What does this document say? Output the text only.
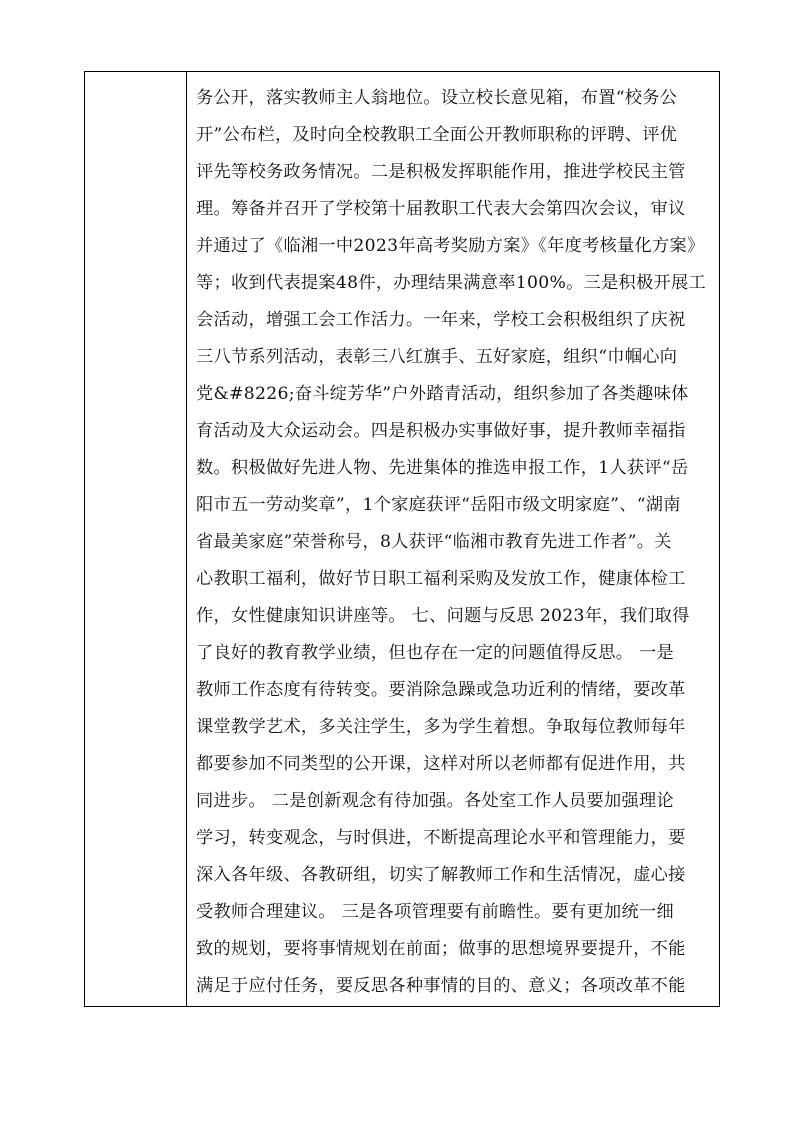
务公开，落实教师主人翁地位。设立校长意见箱，布置“校务公
开”公布栏，及时向全校教职工全面公开教师职称的评聘、评优
评先等校务政务情况。二是积极发挥职能作用，推进学校民主管
理。筹备并召开了学校第十届教职工代表大会第四次会议，审议
并通过了《临湘一中2023年高考奖励方案》《年度考核量化方案》
等；收到代表提案48件，办理结果满意率100%。三是积极开展工
会活动，增强工会工作活力。一年来，学校工会积极组织了庆祝
三八节系列活动，表彰三八红旗手、五好家庭，组织“巾帼心向
党&#8226;奋斗绽芳华”户外踏青活动，组织参加了各类趣味体
育活动及大众运动会。四是积极办实事做好事，提升教师幸福指
数。积极做好先进人物、先进集体的推选申报工作，1人获评“岳
阳市五一劳动奖章”，1个家庭获评“岳阳市级文明家庭”、“湖南
省最美家庭”荣誉称号，8人获评“临湘市教育先进工作者”。关
心教职工福利，做好节日职工福利采购及发放工作，健康体检工
作，女性健康知识讲座等。 七、问题与反思 2023年，我们取得
了良好的教育教学业绩，但也存在一定的问题值得反思。 一是
教师工作态度有待转变。要消除急躁或急功近利的情绪，要改革
课堂教学艺术，多关注学生，多为学生着想。争取每位教师每年
都要参加不同类型的公开课，这样对所以老师都有促进作用，共
同进步。 二是创新观念有待加强。各处室工作人员要加强理论
学习，转变观念，与时俱进，不断提高理论水平和管理能力，要
深入各年级、各教研组，切实了解教师工作和生活情况，虚心接
受教师合理建议。 三是各项管理要有前瞻性。要有更加统一细
致的规划，要将事情规划在前面；做事的思想境界要提升，不能
满足于应付任务，要反思各种事情的目的、意义；各项改革不能
